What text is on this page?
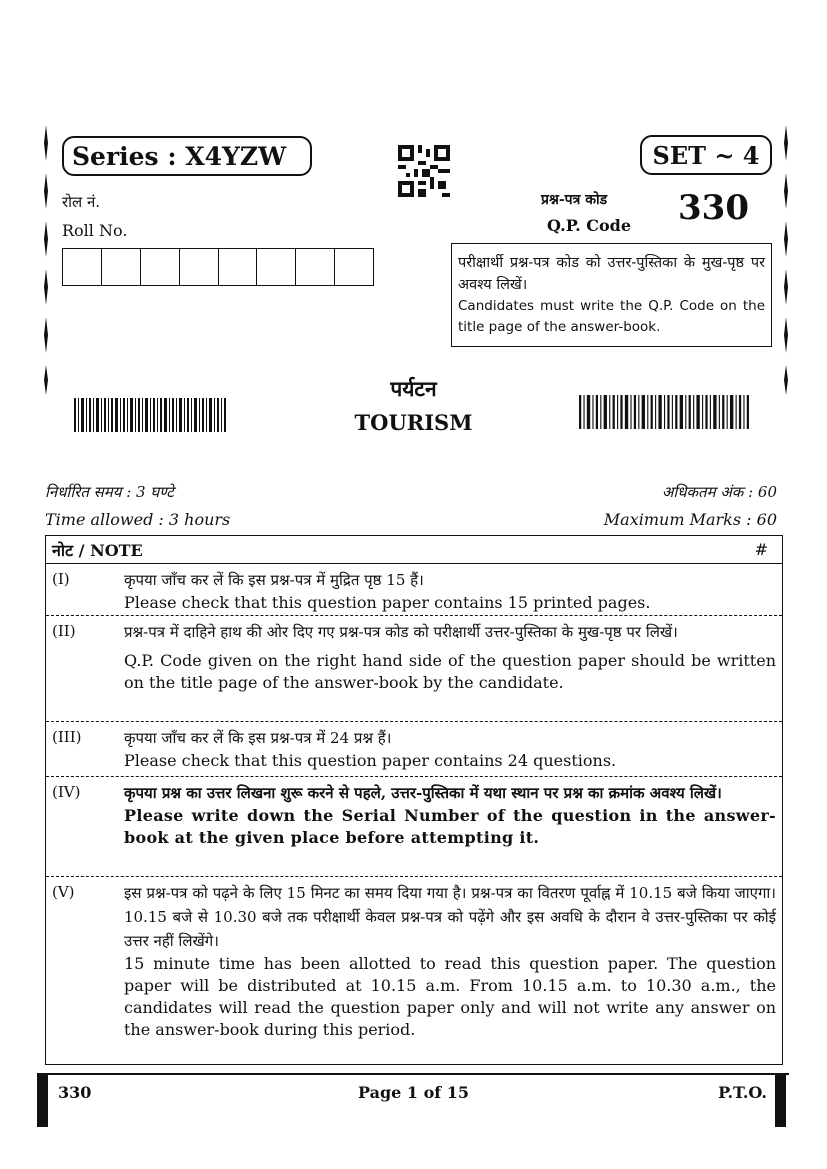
Series : X4YZW	SET ~ 4
रोल नं.
Roll No.
प्रश्न-पत्र कोड
Q.P. Code 330
परीक्षार्थी प्रश्न-पत्र कोड को उत्तर-पुस्तिका के मुख-पृष्ठ पर अवश्य लिखें।
Candidates must write the Q.P. Code on the title page of the answer-book.
पर्यटन
TOURISM
निर्धारित समय : 3 घण्टे
Time allowed : 3 hours
अधिकतम अंक : 60
Maximum Marks : 60
नोट / NOTE	#
(I)	कृपया जाँच कर लें कि इस प्रश्न-पत्र में मुद्रित पृष्ठ 15 हैं।
Please check that this question paper contains 15 printed pages.
(II)	प्रश्न-पत्र में दाहिने हाथ की ओर दिए गए प्रश्न-पत्र कोड को परीक्षार्थी उत्तर-पुस्तिका के मुख-पृष्ठ पर लिखें।
Q.P. Code given on the right hand side of the question paper should be written on the title page of the answer-book by the candidate.
(III)	कृपया जाँच कर लें कि इस प्रश्न-पत्र में 24 प्रश्न हैं।
Please check that this question paper contains 24 questions.
(IV)	कृपया प्रश्न का उत्तर लिखना शुरू करने से पहले, उत्तर-पुस्तिका में यथा स्थान पर प्रश्न का क्रमांक अवश्य लिखें।
Please write down the Serial Number of the question in the answer-book at the given place before attempting it.
(V)	इस प्रश्न-पत्र को पढ़ने के लिए 15 मिनट का समय दिया गया है। प्रश्न-पत्र का वितरण पूर्वाह्न में 10.15 बजे किया जाएगा। 10.15 बजे से 10.30 बजे तक परीक्षार्थी केवल प्रश्न-पत्र को पढ़ेंगे और इस अवधि के दौरान वे उत्तर-पुस्तिका पर कोई उत्तर नहीं लिखेंगे।
15 minute time has been allotted to read this question paper. The question paper will be distributed at 10.15 a.m. From 10.15 a.m. to 10.30 a.m., the candidates will read the question paper only and will not write any answer on the answer-book during this period.
330	Page 1 of 15	P.T.O.
